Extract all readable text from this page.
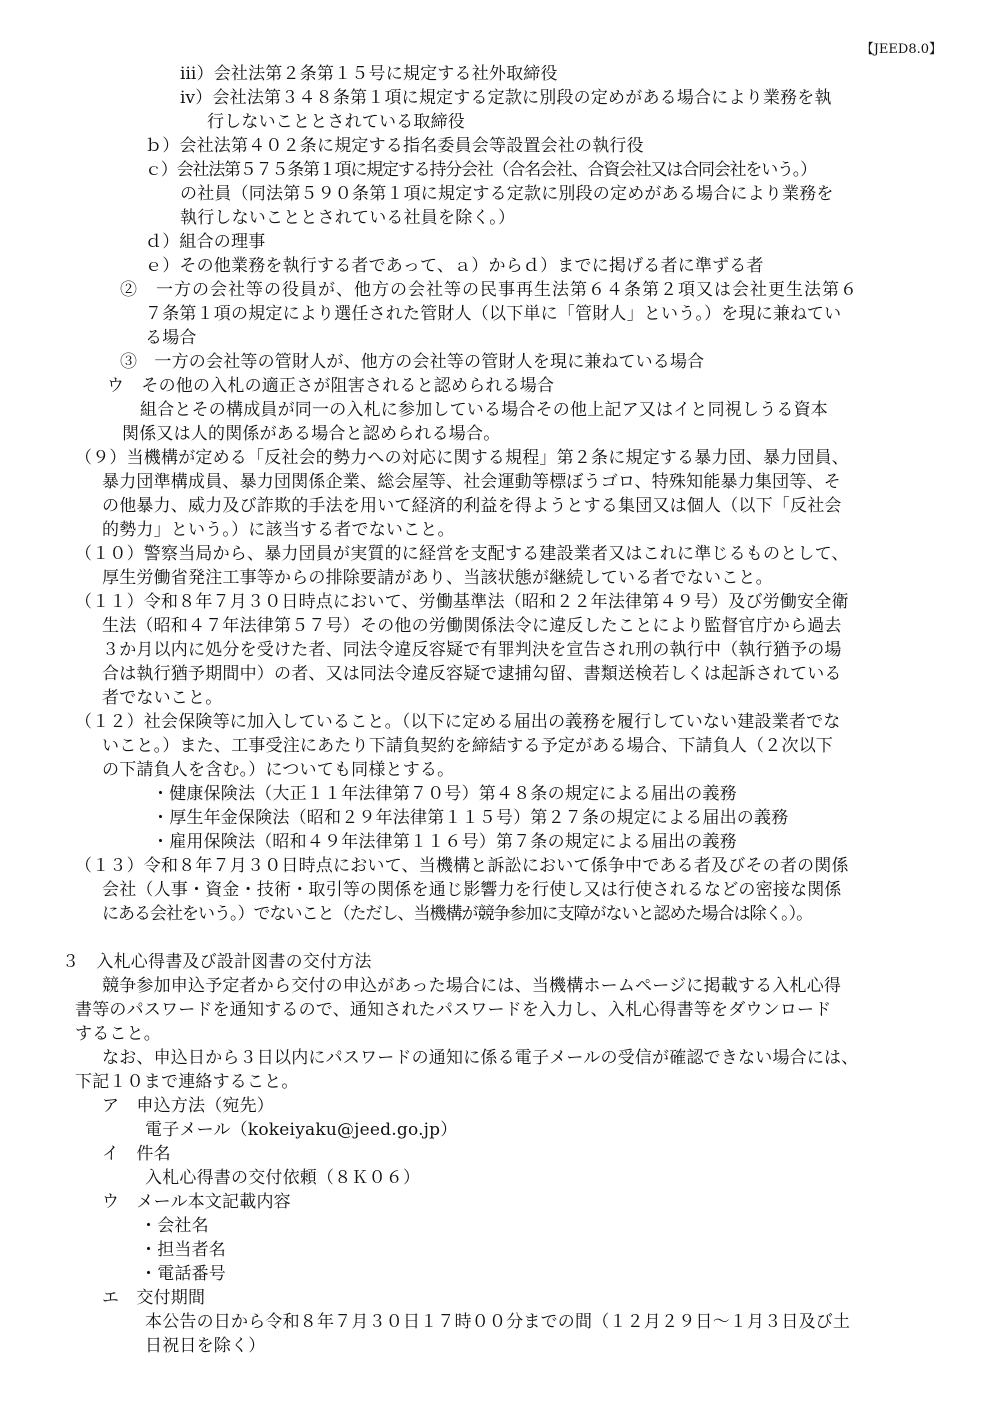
【JEED8.0】
ⅲ）会社法第２条第１５号に規定する社外取締役
ⅳ）会社法第３４８条第１項に規定する定款に別段の定めがある場合により業務を執
行しないこととされている取締役
ｂ）会社法第４０２条に規定する指名委員会等設置会社の執行役
ｃ）会社法第５７５条第１項に規定する持分会社（合名会社、合資会社又は合同会社をいう。）
の社員（同法第５９０条第１項に規定する定款に別段の定めがある場合により業務を
執行しないこととされている社員を除く。）
ｄ）組合の理事
ｅ）その他業務を執行する者であって、ａ）からｄ）までに掲げる者に準ずる者
②　一方の会社等の役員が、他方の会社等の民事再生法第６４条第２項又は会社更生法第６
７条第１項の規定により選任された管財人（以下単に「管財人」という。）を現に兼ねてい
る場合
③　一方の会社等の管財人が、他方の会社等の管財人を現に兼ねている場合
ウ　その他の入札の適正さが阻害されると認められる場合
組合とその構成員が同一の入札に参加している場合その他上記ア又はイと同視しうる資本
関係又は人的関係がある場合と認められる場合。
（９）当機構が定める「反社会的勢力への対応に関する規程」第２条に規定する暴力団、暴力団員、
暴力団準構成員、暴力団関係企業、総会屋等、社会運動等標ぼうゴロ、特殊知能暴力集団等、そ
の他暴力、威力及び詐欺的手法を用いて経済的利益を得ようとする集団又は個人（以下「反社会
的勢力」という。）に該当する者でないこと。
（１０）警察当局から、暴力団員が実質的に経営を支配する建設業者又はこれに準じるものとして、
厚生労働省発注工事等からの排除要請があり、当該状態が継続している者でないこと。
（１１）令和８年７月３０日時点において、労働基準法（昭和２２年法律第４９号）及び労働安全衛
生法（昭和４７年法律第５７号）その他の労働関係法令に違反したことにより監督官庁から過去
３か月以内に処分を受けた者、同法令違反容疑で有罪判決を宣告され刑の執行中（執行猶予の場
合は執行猶予期間中）の者、又は同法令違反容疑で逮捕勾留、書類送検若しくは起訴されている
者でないこと。
（１２）社会保険等に加入していること。（以下に定める届出の義務を履行していない建設業者でな
いこと。）また、工事受注にあたり下請負契約を締結する予定がある場合、下請負人（２次以下
の下請負人を含む。）についても同様とする。
・健康保険法（大正１１年法律第７０号）第４８条の規定による届出の義務
・厚生年金保険法（昭和２９年法律第１１５号）第２７条の規定による届出の義務
・雇用保険法（昭和４９年法律第１１６号）第７条の規定による届出の義務
（１３）令和８年７月３０日時点において、当機構と訴訟において係争中である者及びその者の関係
会社（人事・資金・技術・取引等の関係を通じ影響力を行使し又は行使されるなどの密接な関係
にある会社をいう。）でないこと（ただし、当機構が競争参加に支障がないと認めた場合は除く。）。
３　入札心得書及び設計図書の交付方法
競争参加申込予定者から交付の申込があった場合には、当機構ホームページに掲載する入札心得
書等のパスワードを通知するので、通知されたパスワードを入力し、入札心得書等をダウンロード
すること。
なお、申込日から３日以内にパスワードの通知に係る電子メールの受信が確認できない場合には、
下記１０まで連絡すること。
ア　申込方法（宛先）
電子メール（kokeiyaku@jeed.go.jp）
イ　件名
入札心得書の交付依頼（８Ｋ０６）
ウ　メール本文記載内容
・会社名
・担当者名
・電話番号
エ　交付期間
本公告の日から令和８年７月３０日１７時００分までの間（１２月２９日～１月３日及び土
日祝日を除く）
